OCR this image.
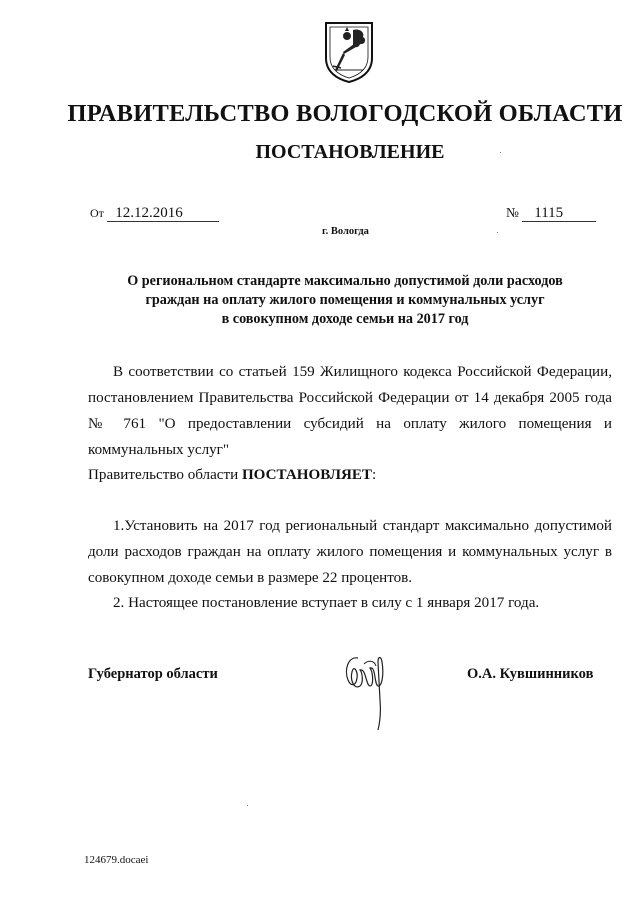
ПРАВИТЕЛЬСТВО ВОЛОГОДСКОЙ ОБЛАСТИ
ПОСТАНОВЛЕНИЕ
От 12.12.2016	№ 1115
г. Вологда
О региональном стандарте максимально допустимой доли расходов
граждан на оплату жилого помещения и коммунальных услуг
в совокупном доходе семьи на 2017 год
В соответствии со статьей 159 Жилищного кодекса Российской Федерации, постановлением Правительства Российской Федерации от 14 декабря 2005 года № 761 "О предоставлении субсидий на оплату жилого помещения и коммунальных услуг"
Правительство области ПОСТАНОВЛЯЕТ:
1.Установить на 2017 год региональный стандарт максимально допустимой доли расходов граждан на оплату жилого помещения и коммунальных услуг в совокупном доходе семьи в размере 22 процентов.
2. Настоящее постановление вступает в силу с 1 января 2017 года.
Губернатор области	О.А. Кувшинников
124679.docaei
